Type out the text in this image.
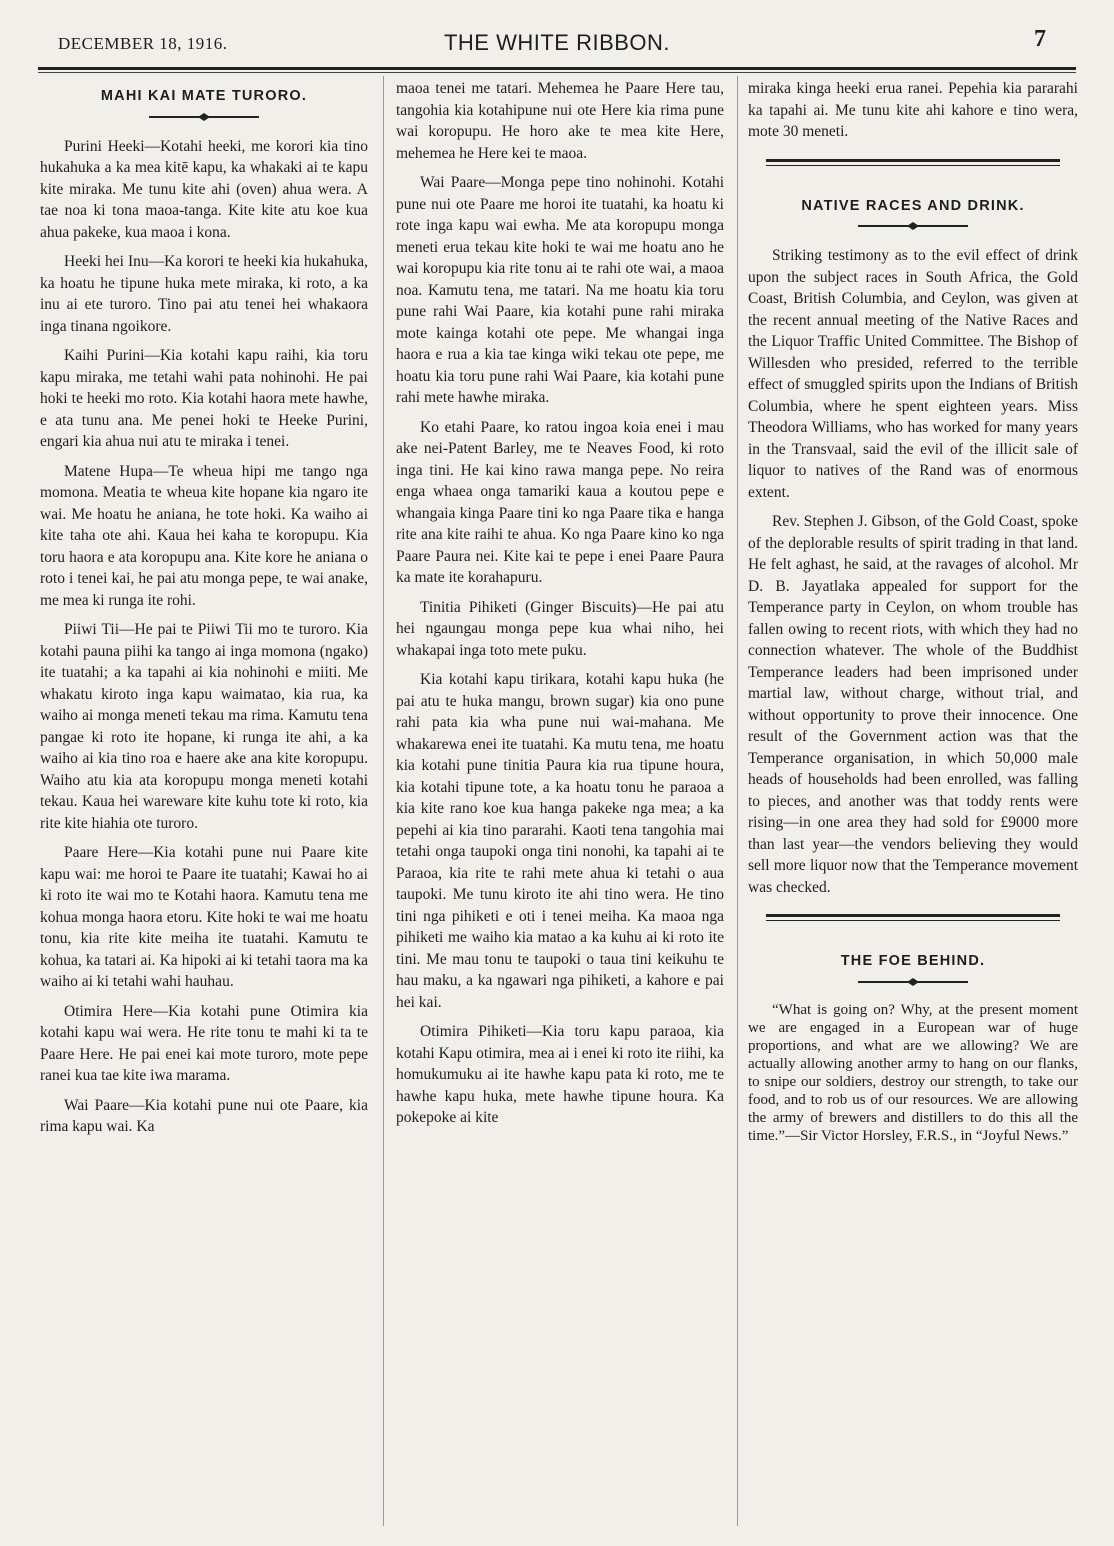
DECEMBER 18, 1916.	THE WHITE RIBBON.	7
MAHI KAI MATE TURORO.

Purini Heeki—Kotahi heeki, me korori kia tino hukahuka a ka mea kitē kapu, ka whakaki ai te kapu kite miraka. Me tunu kite ahi (oven) ahua wera. A tae noa ki tona maoa-tanga. Kite kite atu koe kua ahua pakeke, kua maoa i kona.

Heeki hei Inu—Ka korori te heeki kia hukahuka, ka hoatu he tipune huka mete miraka, ki roto, a ka inu ai ete turoro. Tino pai atu tenei hei whakaora inga tinana ngoikore.

Kaihi Purini—Kia kotahi kapu raihi, kia toru kapu miraka, me tetahi wahi pata nohinohi. He pai hoki te heeki mo roto. Kia kotahi haora mete hawhe, e ata tunu ana. Me penei hoki te Heeke Purini, engari kia ahua nui atu te miraka i tenei.

Matene Hupa—Te wheua hipi me tango nga momona. Meatia te wheua kite hopane kia ngaro ite wai. Me hoatu he aniana, he tote hoki. Ka waiho ai kite taha ote ahi. Kaua hei kaha te koropupu. Kia toru haora e ata koropupu ana. Kite kore he aniana o roto i tenei kai, he pai atu monga pepe, te wai anake, me mea ki runga ite rohi.

Piiwi Tii—He pai te Piiwi Tii mo te turoro. Kia kotahi pauna piihi ka tango ai inga momona (ngako) ite tuatahi; a ka tapahi ai kia nohinohi e miiti. Me whakatu kiroto inga kapu waimatao, kia rua, ka waiho ai monga meneti tekau ma rima. Kamutu tena pangae ki roto ite hopane, ki runga ite ahi, a ka waiho ai kia tino roa e haere ake ana kite koropupu. Waiho atu kia ata koropupu monga meneti kotahi tekau. Kaua hei wareware kite kuhu tote ki roto, kia rite kite hiahia ote turoro.

Paare Here—Kia kotahi pune nui Paare kite kapu wai: me horoi te Paare ite tuatahi; Kawai ho ai ki roto ite wai mo te Kotahi haora. Kamutu tena me kohua monga haora etoru. Kite hoki te wai me hoatu tonu, kia rite kite meiha ite tuatahi. Kamutu te kohua, ka tatari ai. Ka hipoki ai ki tetahi taora ma ka waiho ai ki tetahi wahi hauhau.

Otimira Here—Kia kotahi pune Otimira kia kotahi kapu wai wera. He rite tonu te mahi ki ta te Paare Here. He pai enei kai mote turoro, mote pepe ranei kua tae kite iwa marama.

Wai Paare—Kia kotahi pune nui ote Paare, kia rima kapu wai. Ka

maoa tenei me tatari. Mehemea he Paare Here tau, tangohia kia kotahipune nui ote Here kia rima pune wai koropupu. He horo ake te mea kite Here, mehemea he Here kei te maoa.

Wai Paare—Monga pepe tino nohinohi. Kotahi pune nui ote Paare me horoi ite tuatahi, ka hoatu ki rote inga kapu wai ewha. Me ata koropupu monga meneti erua tekau kite hoki te wai me hoatu ano he wai koropupu kia rite tonu ai te rahi ote wai, a maoa noa. Kamutu tena, me tatari. Na me hoatu kia toru pune rahi Wai Paare, kia kotahi pune rahi miraka mote kainga kotahi ote pepe. Me whangai inga haora e rua a kia tae kinga wiki tekau ote pepe, me hoatu kia toru pune rahi Wai Paare, kia kotahi pune rahi mete hawhe miraka.

Ko etahi Paare, ko ratou ingoa koia enei i mau ake nei-Patent Barley, me te Neaves Food, ki roto inga tini. He kai kino rawa manga pepe. No reira enga whaea onga tamariki kaua a koutou pepe e whangaia kinga Paare tini ko nga Paare tika e hanga rite ana kite raihi te ahua. Ko nga Paare kino ko nga Paare Paura nei. Kite kai te pepe i enei Paare Paura ka mate ite korahapuru.

Tinitia Pihiketi (Ginger Biscuits)—He pai atu hei ngaungau monga pepe kua whai niho, hei whakapai inga toto mete puku.

Kia kotahi kapu tirikara, kotahi kapu huka (he pai atu te huka mangu, brown sugar) kia ono pune rahi pata kia wha pune nui wai-mahana. Me whakarewa enei ite tuatahi. Ka mutu tena, me hoatu kia kotahi pune tinitia Paura kia rua tipune houra, kia kotahi tipune tote, a ka hoatu tonu he paraoa a kia kite rano koe kua hanga pakeke nga mea; a ka pepehi ai kia tino pararahi. Kaoti tena tangohia mai tetahi onga taupoki onga tini nonohi, ka tapahi ai te Paraoa, kia rite te rahi mete ahua ki tetahi o aua taupoki. Me tunu kiroto ite ahi tino wera. He tino tini nga pihiketi e oti i tenei meiha. Ka maoa nga pihiketi me waiho kia matao a ka kuhu ai ki roto ite tini. Me mau tonu te taupoki o taua tini keikuhu te hau maku, a ka ngawari nga pihiketi, a kahore e pai hei kai.

Otimira Pihiketi—Kia toru kapu paraoa, kia kotahi Kapu otimira, mea ai i enei ki roto ite riihi, ka homukumuku ai ite hawhe kapu pata ki roto, me te hawhe kapu huka, mete hawhe tipune houra. Ka pokepoke ai kite

miraka kinga heeki erua ranei. Pepehia kia pararahi ka tapahi ai. Me tunu kite ahi kahore e tino wera, mote 30 meneti.

NATIVE RACES AND DRINK.

Striking testimony as to the evil effect of drink upon the subject races in South Africa, the Gold Coast, British Columbia, and Ceylon, was given at the recent annual meeting of the Native Races and the Liquor Traffic United Committee. The Bishop of Willesden who presided, referred to the terrible effect of smuggled spirits upon the Indians of British Columbia, where he spent eighteen years. Miss Theodora Williams, who has worked for many years in the Transvaal, said the evil of the illicit sale of liquor to natives of the Rand was of enormous extent.

Rev. Stephen J. Gibson, of the Gold Coast, spoke of the deplorable results of spirit trading in that land. He felt aghast, he said, at the ravages of alcohol. Mr D. B. Jayatlaka appealed for support for the Temperance party in Ceylon, on whom trouble has fallen owing to recent riots, with which they had no connection whatever. The whole of the Buddhist Temperance leaders had been imprisoned under martial law, without charge, without trial, and without opportunity to prove their innocence. One result of the Government action was that the Temperance organisation, in which 50,000 male heads of households had been enrolled, was falling to pieces, and another was that toddy rents were rising—in one area they had sold for £9000 more than last year—the vendors believing they would sell more liquor now that the Temperance movement was checked.

THE FOE BEHIND.

“What is going on? Why, at the present moment we are engaged in a European war of huge proportions, and what are we allowing? We are actually allowing another army to hang on our flanks, to snipe our soldiers, destroy our strength, to take our food, and to rob us of our resources. We are allowing the army of brewers and distillers to do this all the time.”—Sir Victor Horsley, F.R.S., in “Joyful News.”
